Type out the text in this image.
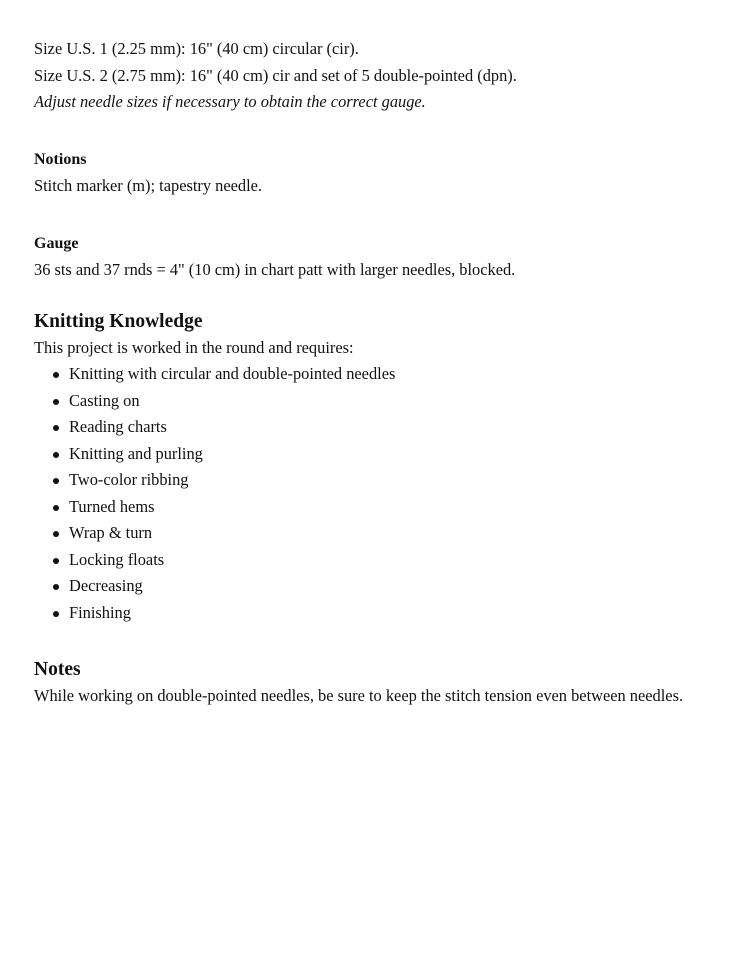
Size U.S. 1 (2.25 mm): 16" (40 cm) circular (cir).
Size U.S. 2 (2.75 mm): 16" (40 cm) cir and set of 5 double-pointed (dpn).
Adjust needle sizes if necessary to obtain the correct gauge.
Notions
Stitch marker (m); tapestry needle.
Gauge
36 sts and 37 rnds = 4" (10 cm) in chart patt with larger needles, blocked.
Knitting Knowledge
This project is worked in the round and requires:
Knitting with circular and double-pointed needles
Casting on
Reading charts
Knitting and purling
Two-color ribbing
Turned hems
Wrap & turn
Locking floats
Decreasing
Finishing
Notes
While working on double-pointed needles, be sure to keep the stitch tension even between needles.
